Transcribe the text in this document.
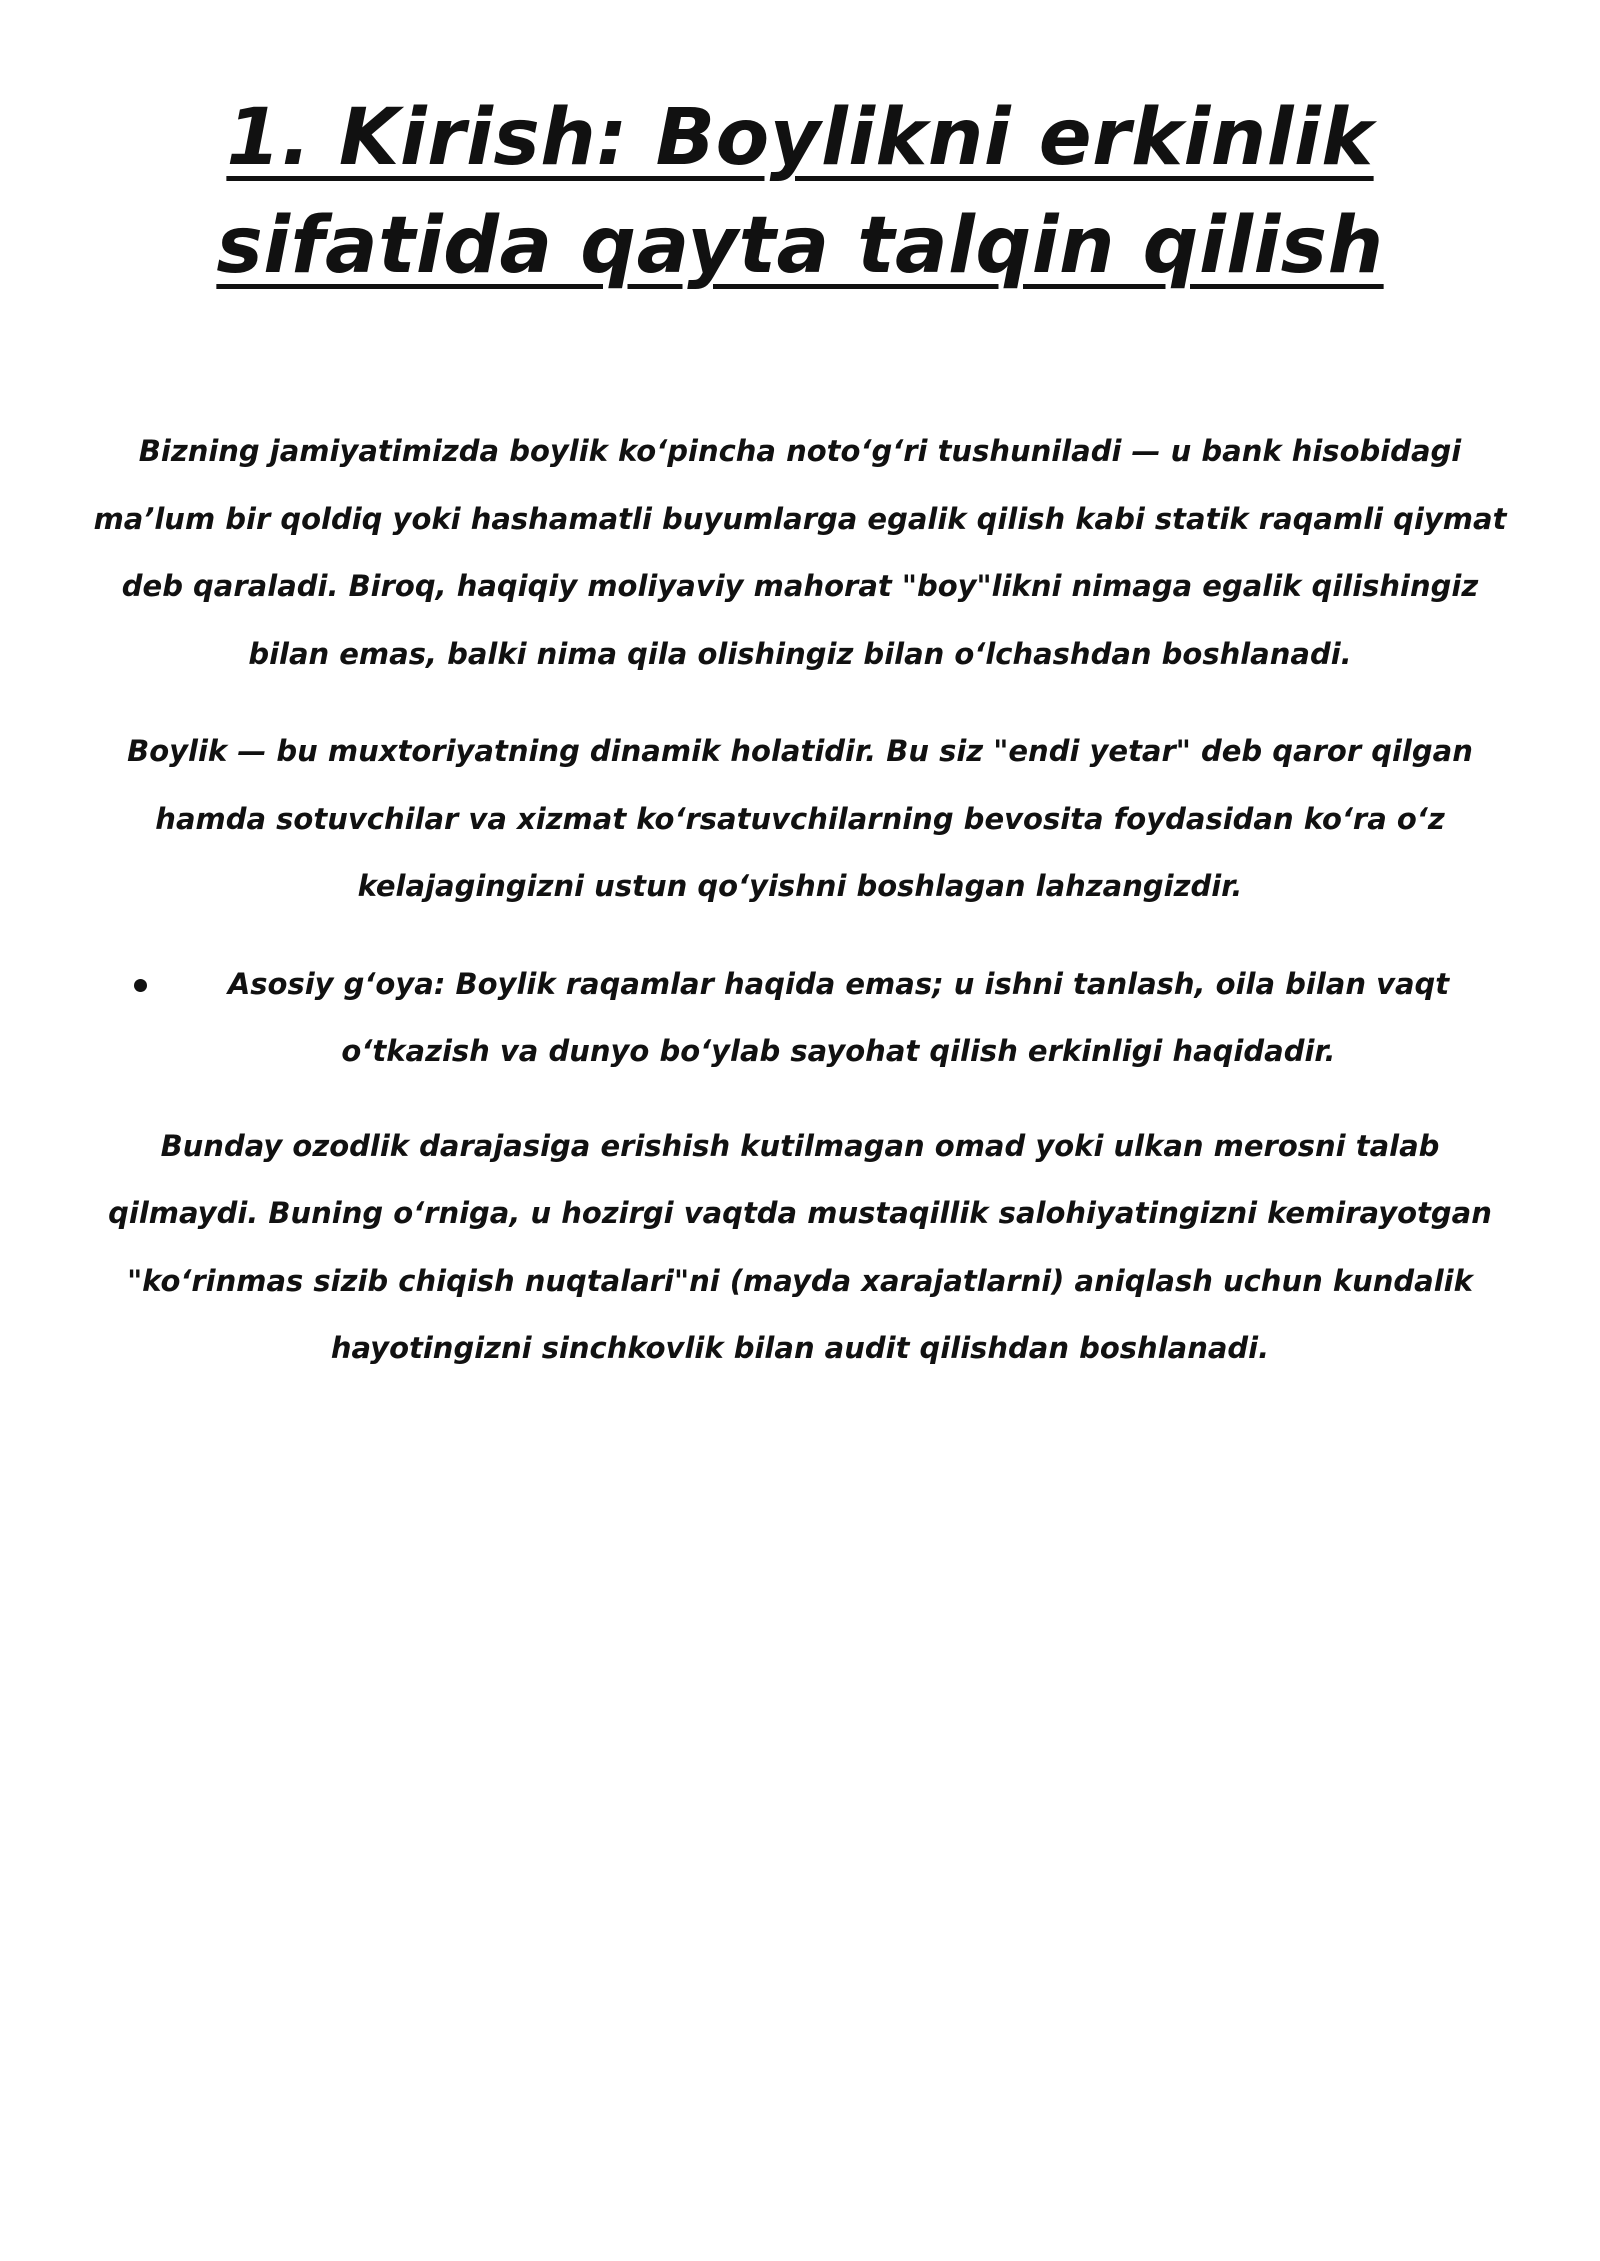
1. Kirish: Boylikni erkinlik sifatida qayta talqin qilish

Bizning jamiyatimizda boylik ko‘pincha noto‘g‘ri tushuniladi — u bank hisobidagi ma’lum bir qoldiq yoki hashamatli buyumlarga egalik qilish kabi statik raqamli qiymat deb qaraladi. Biroq, haqiqiy moliyaviy mahorat "boy"likni nimaga egalik qilishingiz bilan emas, balki nima qila olishingiz bilan o‘lchashdan boshlanadi.

Boylik — bu muxtoriyatning dinamik holatidir. Bu siz "endi yetar" deb qaror qilgan hamda sotuvchilar va xizmat ko‘rsatuvchilarning bevosita foydasidan ko‘ra o‘z kelajagingizni ustun qo‘yishni boshlagan lahzangizdir.

Asosiy g‘oya: Boylik raqamlar haqida emas; u ishni tanlash, oila bilan vaqt o‘tkazish va dunyo bo‘ylab sayohat qilish erkinligi haqidadir.

Bunday ozodlik darajasiga erishish kutilmagan omad yoki ulkan merosni talab qilmaydi. Buning o‘rniga, u hozirgi vaqtda mustaqillik salohiyatingizni kemirayotgan "ko‘rinmas sizib chiqish nuqtalari"ni (mayda xarajatlarni) aniqlash uchun kundalik hayotingizni sinchkovlik bilan audit qilishdan boshlanadi.
